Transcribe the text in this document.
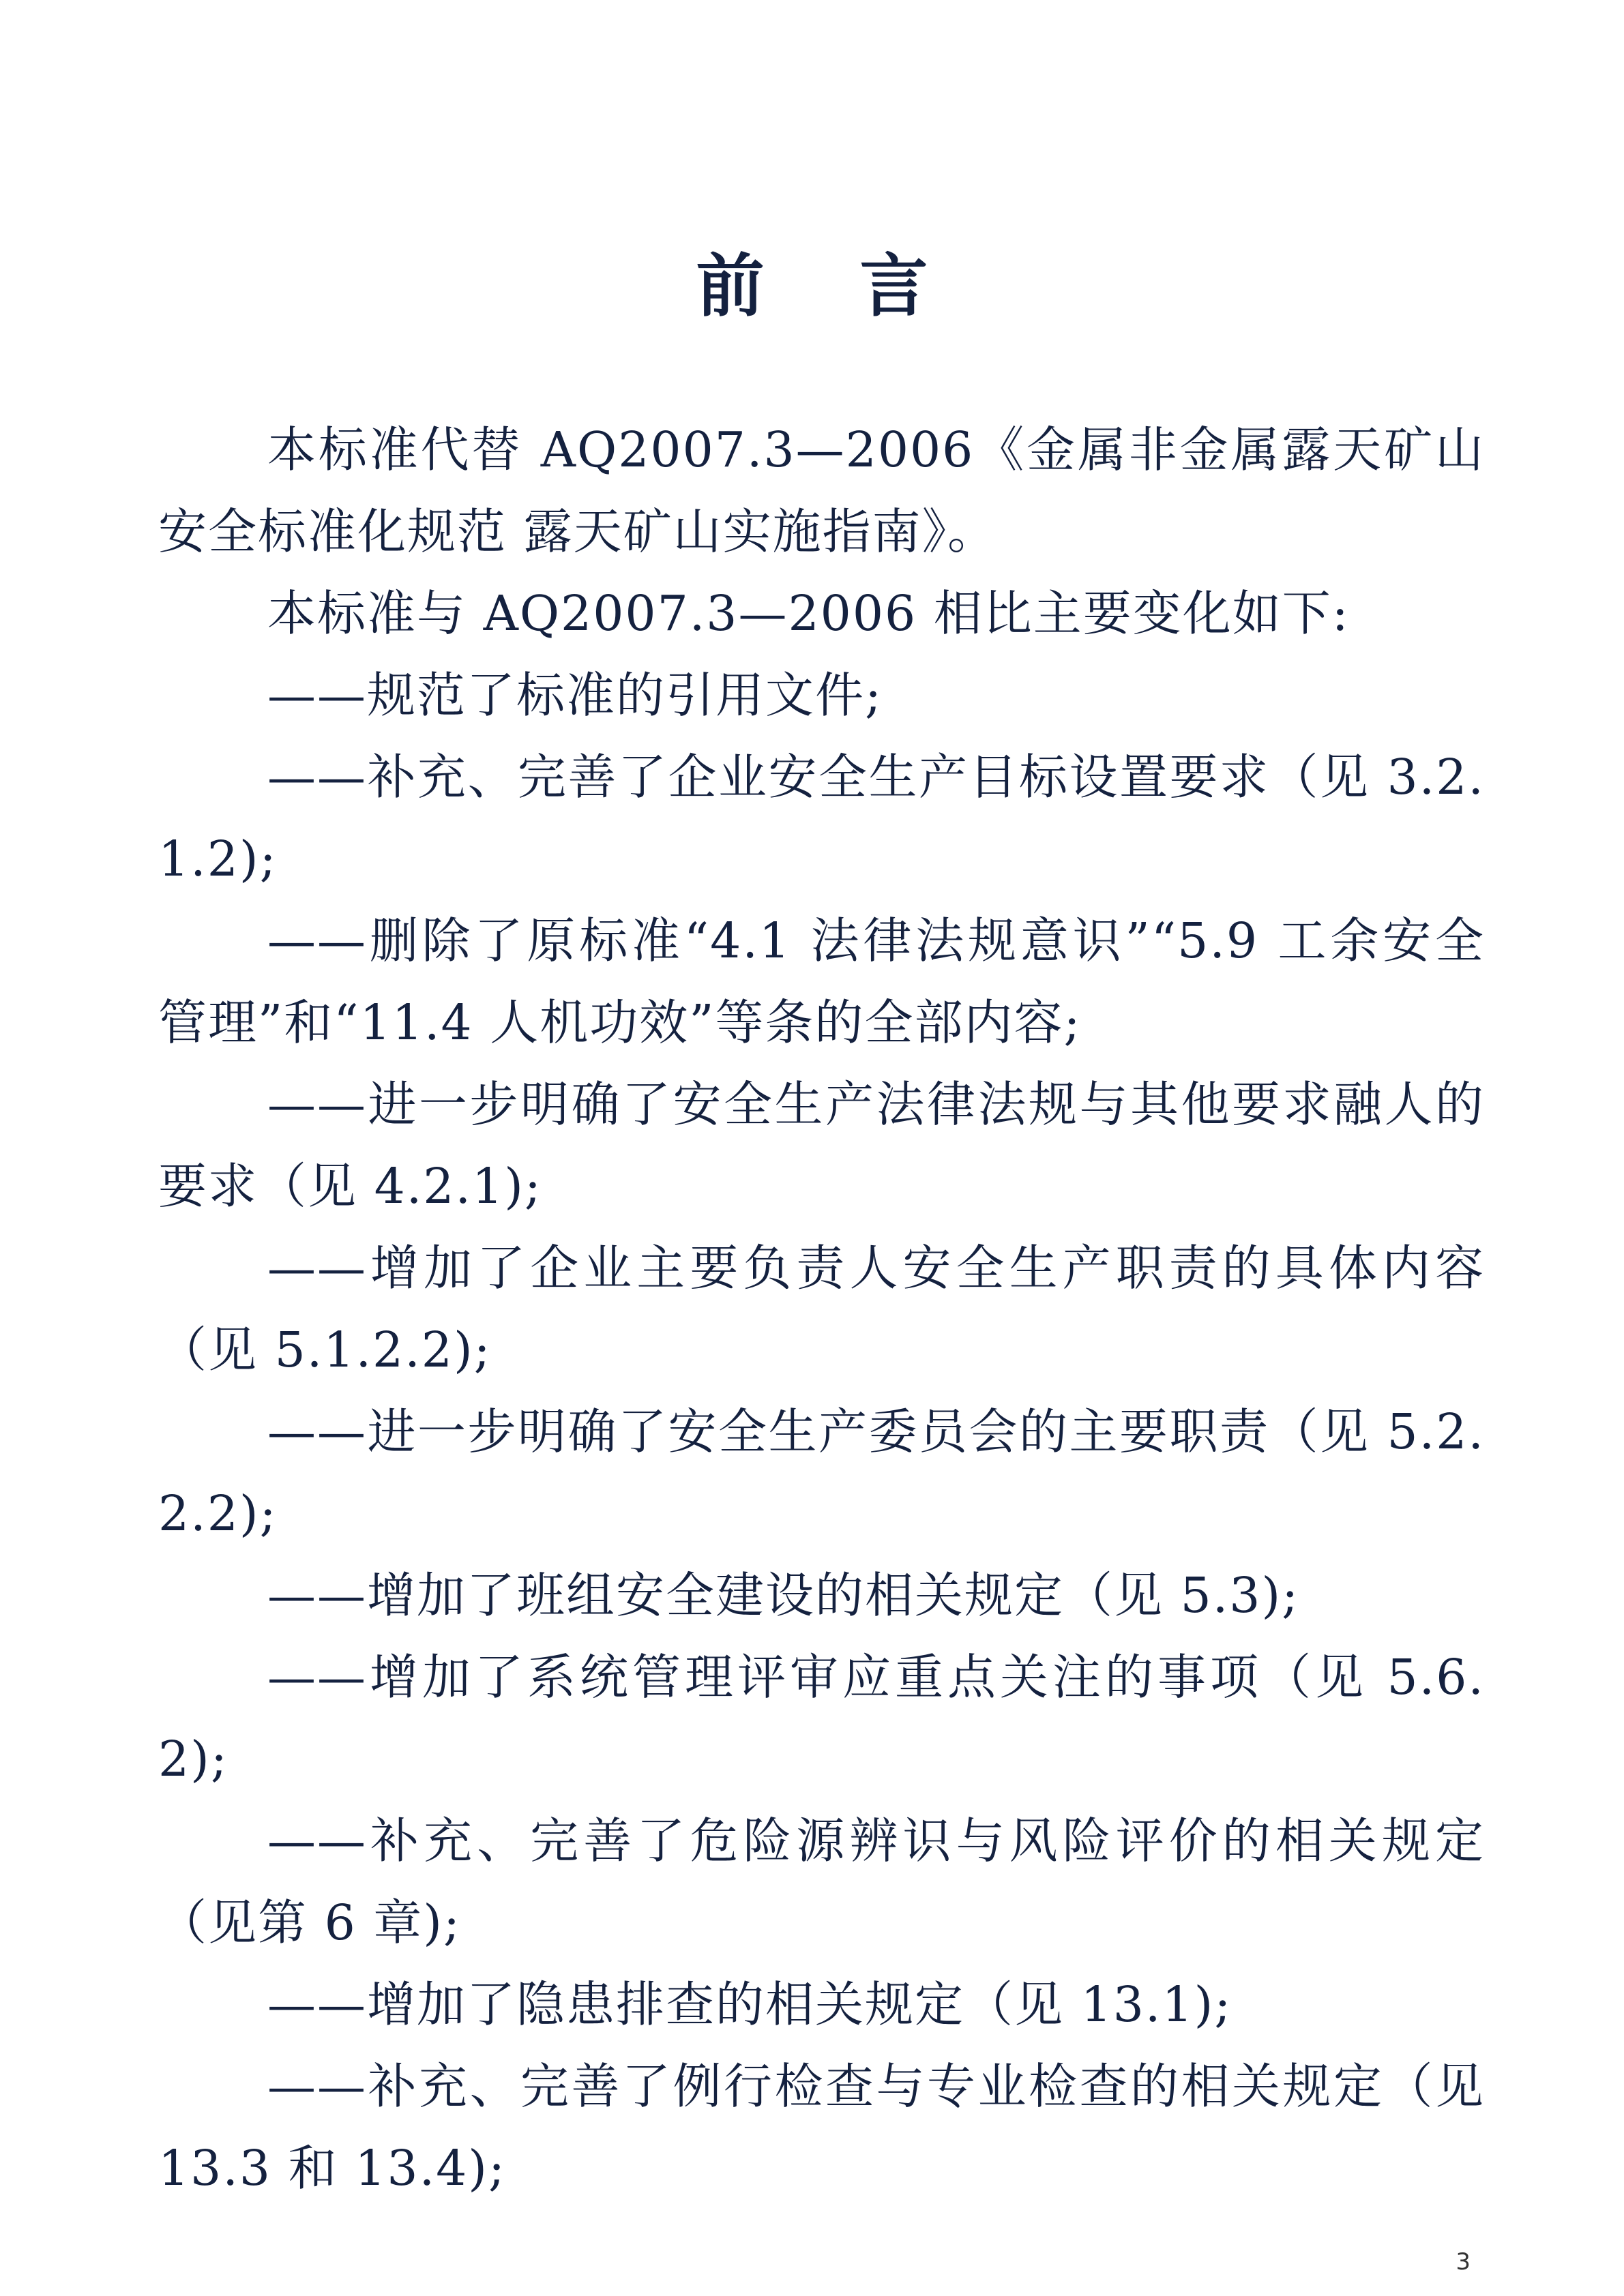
前言

本标准代替 AQ2007.3—2006《金属非金属露天矿山安全标准化规范 露天矿山实施指南》。

本标准与 AQ2007.3—2006 相比主要变化如下:

——规范了标准的引用文件;

——补充、完善了企业安全生产目标设置要求（见 3.2.1.2);

——删除了原标准“4.1 法律法规意识”“5.9 工余安全管理”和“11.4 人机功效”等条的全部内容;

——进一步明确了安全生产法律法规与其他要求融人的要求（见 4.2.1);

——增加了企业主要负责人安全生产职责的具体内容（见 5.1.2.2);

——进一步明确了安全生产委员会的主要职责（见 5.2.2.2);

——增加了班组安全建设的相关规定（见 5.3);

——增加了系统管理评审应重点关注的事项（见 5.6.2);

——补充、完善了危险源辨识与风险评价的相关规定（见第 6 章);

——增加了隐患排查的相关规定（见 13.1);

——补充、完善了例行检查与专业检查的相关规定（见 13.3 和 13.4);

3
